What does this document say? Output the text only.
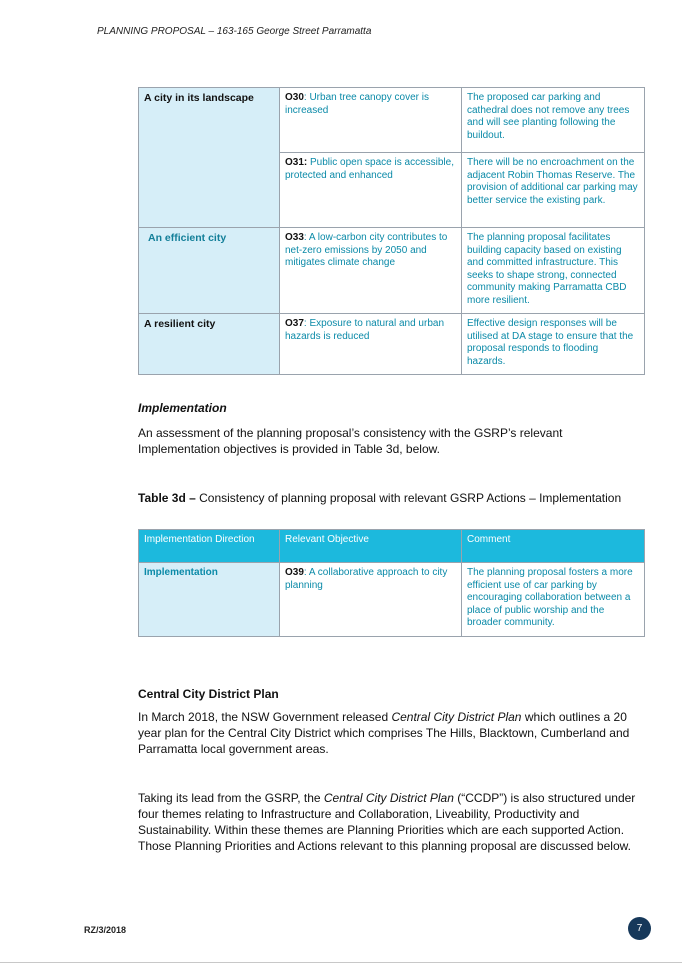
PLANNING PROPOSAL – 163-165 George Street Parramatta
A city in its landscape	O30: Urban tree canopy cover is increased	The proposed car parking and cathedral does not remove any trees and will see planting following the buildout.
	O31: Public open space is accessible, protected and enhanced	There will be no encroachment on the adjacent Robin Thomas Reserve. The provision of additional car parking may better service the existing park.
An efficient city	O33: A low-carbon city contributes to net-zero emissions by 2050 and mitigates climate change	The planning proposal facilitates building capacity based on existing and committed infrastructure. This seeks to shape strong, connected community making Parramatta CBD more resilient.
A resilient city	O37: Exposure to natural and urban hazards is reduced	Effective design responses will be utilised at DA stage to ensure that the proposal responds to flooding hazards.
Implementation
An assessment of the planning proposal’s consistency with the GSRP’s relevant Implementation objectives is provided in Table 3d, below.
Table 3d – Consistency of planning proposal with relevant GSRP Actions – Implementation
Implementation Direction	Relevant Objective	Comment
Implementation	O39: A collaborative approach to city planning	The planning proposal fosters a more efficient use of car parking by encouraging collaboration between a place of public worship and the broader community.
Central City District Plan
In March 2018, the NSW Government released Central City District Plan which outlines a 20 year plan for the Central City District which comprises The Hills, Blacktown, Cumberland and Parramatta local government areas.
Taking its lead from the GSRP, the Central City District Plan (“CCDP”) is also structured under four themes relating to Infrastructure and Collaboration, Liveability, Productivity and Sustainability. Within these themes are Planning Priorities which are each supported Action. Those Planning Priorities and Actions relevant to this planning proposal are discussed below.
RZ/3/2018	7
